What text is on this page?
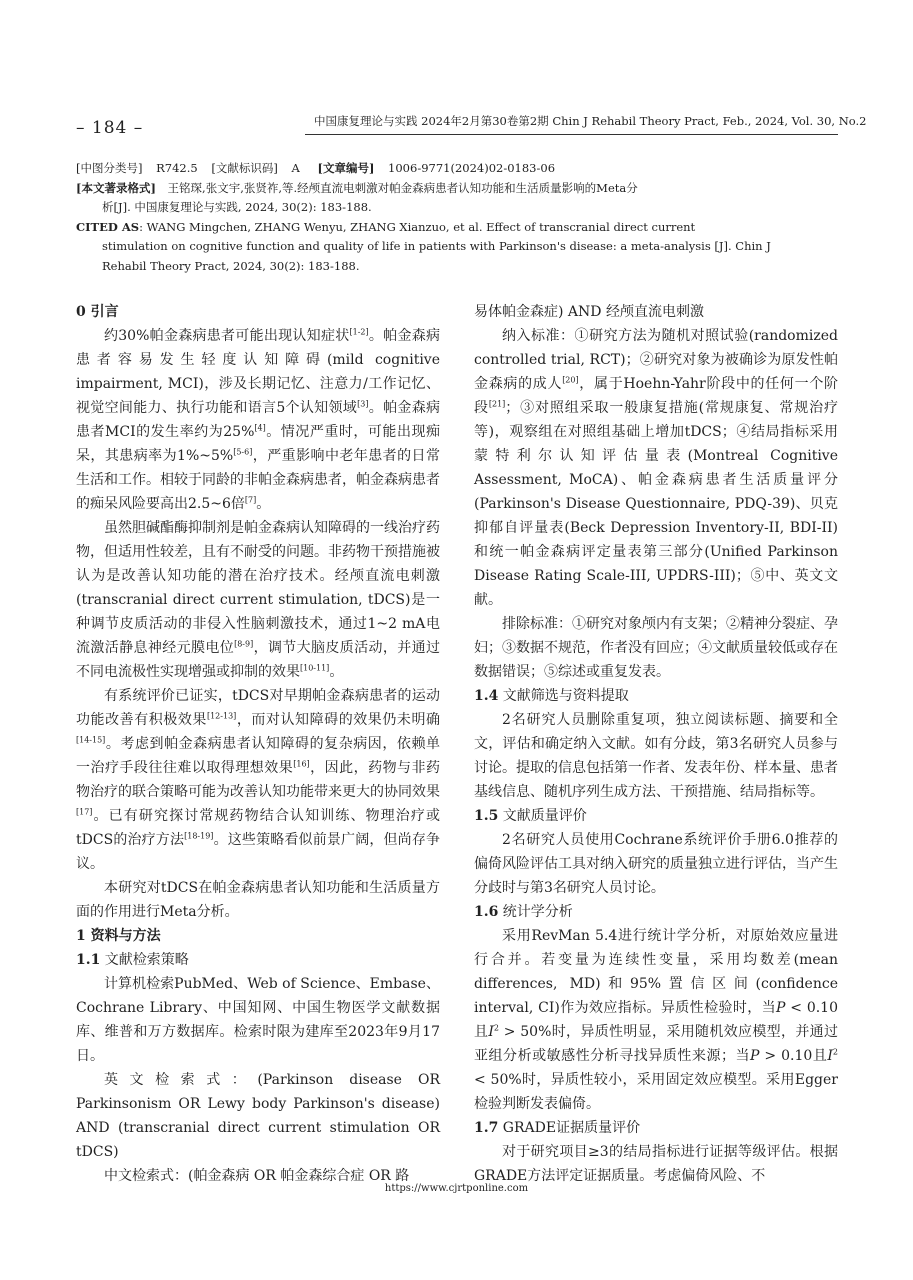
– 184 –	中国康复理论与实践 2024年2月第30卷第2期 Chin J Rehabil Theory Pract, Feb., 2024, Vol. 30, No.2
[中图分类号] R742.5 [文献标识码] A [文章编号] 1006-9771(2024)02-0183-06
[本文著录格式] 王铭琛,张文宇,张贤祚,等.经颅直流电刺激对帕金森病患者认知功能和生活质量影响的Meta分
析[J]. 中国康复理论与实践, 2024, 30(2): 183-188.
CITED AS: WANG Mingchen, ZHANG Wenyu, ZHANG Xianzuo, et al. Effect of transcranial direct current
stimulation on cognitive function and quality of life in patients with Parkinson's disease: a meta-analysis [J]. Chin J
Rehabil Theory Pract, 2024, 30(2): 183-188.
0 引言

约30%帕金森病患者可能出现认知症状[1-2]。帕金森病患者容易发生轻度认知障碍(mild cognitive impairment, MCI)，涉及长期记忆、注意力/工作记忆、视觉空间能力、执行功能和语言5个认知领域[3]。帕金森病患者MCI的发生率约为25%[4]。情况严重时，可能出现痴呆，其患病率为1%~5%[5-6]，严重影响中老年患者的日常生活和工作。相较于同龄的非帕金森病患者，帕金森病患者的痴呆风险要高出2.5~6倍[7]。

虽然胆碱酯酶抑制剂是帕金森病认知障碍的一线治疗药物，但适用性较差，且有不耐受的问题。非药物干预措施被认为是改善认知功能的潜在治疗技术。经颅直流电刺激(transcranial direct current stimulation, tDCS)是一种调节皮质活动的非侵入性脑刺激技术，通过1~2 mA电流激活静息神经元膜电位[8-9]，调节大脑皮质活动，并通过不同电流极性实现增强或抑制的效果[10-11]。

有系统评价已证实，tDCS对早期帕金森病患者的运动功能改善有积极效果[12-13]，而对认知障碍的效果仍未明确[14-15]。考虑到帕金森病患者认知障碍的复杂病因，依赖单一治疗手段往往难以取得理想效果[16]，因此，药物与非药物治疗的联合策略可能为改善认知功能带来更大的协同效果[17]。已有研究探讨常规药物结合认知训练、物理治疗或tDCS的治疗方法[18-19]。这些策略看似前景广阔，但尚存争议。

本研究对tDCS在帕金森病患者认知功能和生活质量方面的作用进行Meta分析。

1 资料与方法
1.1 文献检索策略

计算机检索PubMed、Web of Science、Embase、Cochrane Library、中国知网、中国生物医学文献数据库、维普和万方数据库。检索时限为建库至2023年9月17日。

英文检索式：(Parkinson disease OR Parkinsonism OR Lewy body Parkinson's disease) AND (transcranial direct current stimulation OR tDCS)

中文检索式：(帕金森病 OR 帕金森综合症 OR 路

易体帕金森症) AND 经颅直流电刺激

纳入标准：①研究方法为随机对照试验(randomized controlled trial, RCT)；②研究对象为被确诊为原发性帕金森病的成人[20]，属于Hoehn-Yahr阶段中的任何一个阶段[21]；③对照组采取一般康复措施(常规康复、常规治疗等)，观察组在对照组基础上增加tDCS；④结局指标采用蒙特利尔认知评估量表(Montreal Cognitive Assessment, MoCA)、帕金森病患者生活质量评分(Parkinson's Disease Questionnaire, PDQ-39)、贝克抑郁自评量表(Beck Depression Inventory-II, BDI-II)和统一帕金森病评定量表第三部分(Unified Parkinson Disease Rating Scale-III, UPDRS-III)；⑤中、英文文献。

排除标准：①研究对象颅内有支架；②精神分裂症、孕妇；③数据不规范，作者没有回应；④文献质量较低或存在数据错误；⑤综述或重复发表。

1.4 文献筛选与资料提取

2名研究人员删除重复项，独立阅读标题、摘要和全文，评估和确定纳入文献。如有分歧，第3名研究人员参与讨论。提取的信息包括第一作者、发表年份、样本量、患者基线信息、随机序列生成方法、干预措施、结局指标等。

1.5 文献质量评价

2名研究人员使用Cochrane系统评价手册6.0推荐的偏倚风险评估工具对纳入研究的质量独立进行评估，当产生分歧时与第3名研究人员讨论。

1.6 统计学分析

采用RevMan 5.4进行统计学分析，对原始效应量进行合并。若变量为连续性变量，采用均数差(mean differences, MD)和95%置信区间(confidence interval, CI)作为效应指标。异质性检验时，当P < 0.10且$I^2 > 50\%$时，异质性明显，采用随机效应模型，并通过亚组分析或敏感性分析寻找异质性来源；当P > 0.10且$I^2 < 50\%$时，异质性较小，采用固定效应模型。采用Egger检验判断发表偏倚。

1.7 GRADE证据质量评价

对于研究项目≥3的结局指标进行证据等级评估。根据GRADE方法评定证据质量。考虑偏倚风险、不

https://www.cjrtponline.com
